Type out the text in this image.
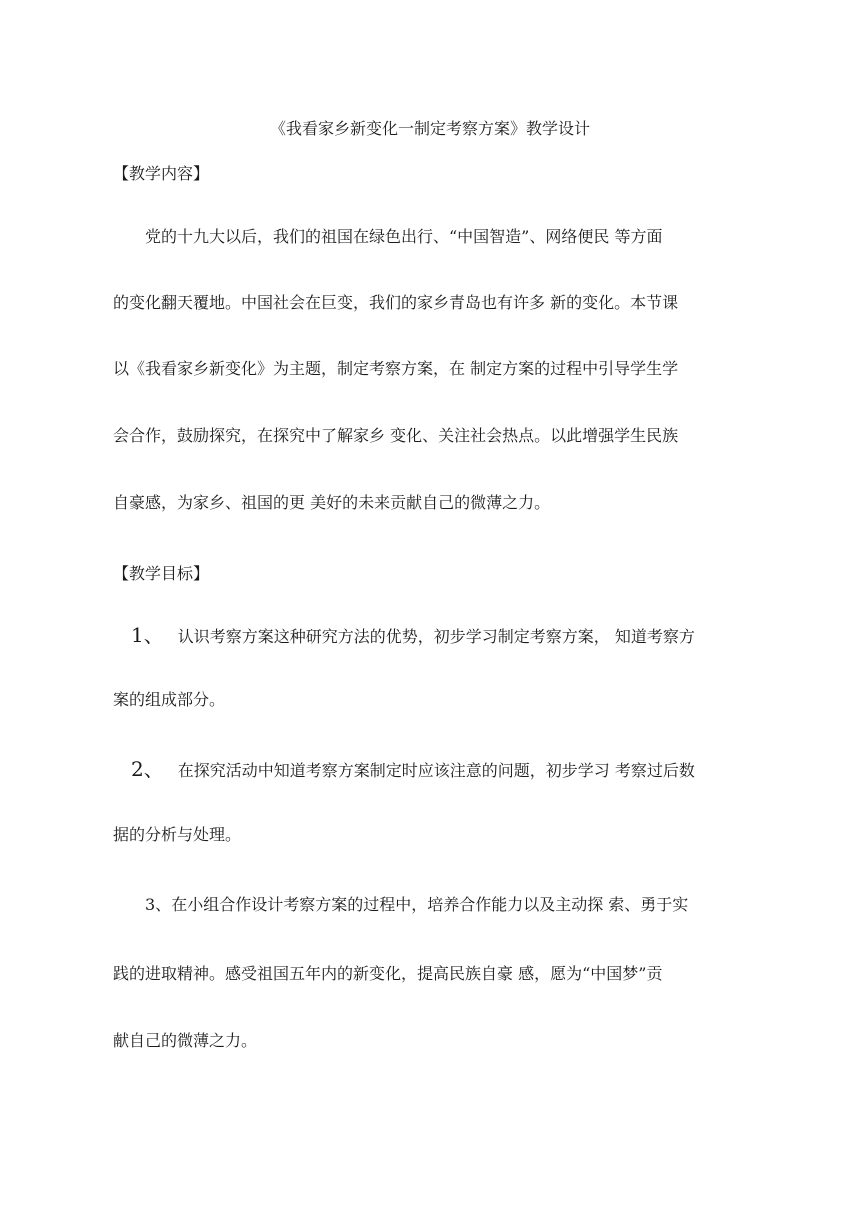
《我看家乡新变化一制定考察方案》教学设计
【教学内容】
党的十九大以后，我们的祖国在绿色出行、“中国智造”、网络便民 等方面
的变化翻天覆地。中国社会在巨变，我们的家乡青岛也有许多 新的变化。本节课
以《我看家乡新变化》为主题，制定考察方案，在 制定方案的过程中引导学生学
会合作，鼓励探究，在探究中了解家乡 变化、关注社会热点。以此增强学生民族
自豪感，为家乡、祖国的更 美好的未来贡献自己的微薄之力。
【教学目标】
1、 认识考察方案这种研究方法的优势，初步学习制定考察方案， 知道考察方
案的组成部分。
2、 在探究活动中知道考察方案制定时应该注意的问题，初步学习 考察过后数
据的分析与处理。
3、在小组合作设计考察方案的过程中，培养合作能力以及主动探 索、勇于实
践的进取精神。感受祖国五年内的新变化，提高民族自豪 感，愿为“中国梦”贡
献自己的微薄之力。
